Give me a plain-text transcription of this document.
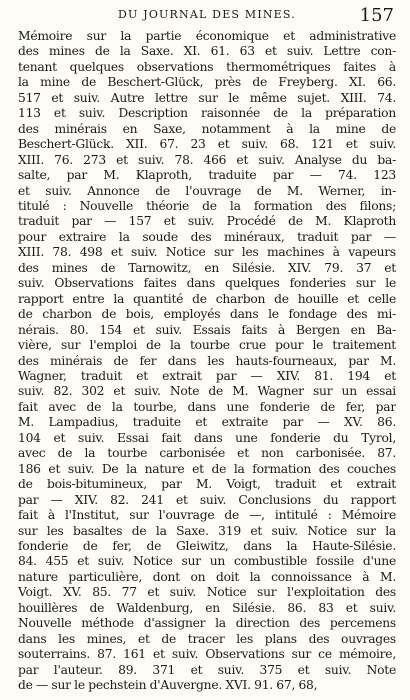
DU JOURNAL DES MINES.	157
Mémoire sur la partie économique et administrative
des mines de la Saxe. XI. 61. 63 et suiv. Lettre con-
tenant quelques observations thermométriques faites à
la mine de Beschert-Glück, près de Freyberg. XI. 66.
517 et suiv. Autre lettre sur le même sujet. XIII. 74.
113 et suiv. Description raisonnée de la préparation
des minérais en Saxe, notamment à la mine de
Beschert-Glück. XII. 67. 23 et suiv. 68. 121 et suiv.
XIII. 76. 273 et suiv. 78. 466 et suiv. Analyse du ba-
salte, par M. Klaproth, traduite par — 74. 123
et suiv. Annonce de l'ouvrage de M. Werner, in-
titulé : Nouvelle théorie de la formation des filons;
traduit par — 157 et suiv. Procédé de M. Klaproth
pour extraire la soude des minéraux, traduit par —
XIII. 78. 498 et suiv. Notice sur les machines à vapeurs
des mines de Tarnowitz, en Silésie. XIV. 79. 37 et
suiv. Observations faites dans quelques fonderies sur le
rapport entre la quantité de charbon de houille et celle
de charbon de bois, employés dans le fondage des mi-
nérais. 80. 154 et suiv. Essais faits à Bergen en Ba-
vière, sur l'emploi de la tourbe crue pour le traitement
des minérais de fer dans les hauts-fourneaux, par M.
Wagner, traduit et extrait par — XIV. 81. 194 et
suiv. 82. 302 et suiv. Note de M. Wagner sur un essai
fait avec de la tourbe, dans une fonderie de fer, par
M. Lampadius, traduite et extraite par — XV. 86.
104 et suiv. Essai fait dans une fonderie du Tyrol,
avec de la tourbe carbonisée et non carbonisée. 87.
186 et suiv. De la nature et de la formation des couches
de bois-bitumineux, par M. Voigt, traduit et extrait
par — XIV. 82. 241 et suiv. Conclusions du rapport
fait à l'Institut, sur l'ouvrage de —, intitulé : Mémoire
sur les basaltes de la Saxe. 319 et suiv. Notice sur la
fonderie de fer, de Gleiwitz, dans la Haute-Silésie.
84. 455 et suiv. Notice sur un combustible fossile d'une
nature particulière, dont on doit la connoissance à M.
Voigt. XV. 85. 77 et suiv. Notice sur l'exploitation des
houillères de Waldenburg, en Silésie. 86. 83 et suiv.
Nouvelle méthode d'assigner la direction des percemens
dans les mines, et de tracer les plans des ouvrages
souterrains. 87. 161 et suiv. Observations sur ce mémoire,
par l'auteur. 89. 371 et suiv. 375 et suiv. Note
de — sur le pechstein d'Auvergne. XVI. 91. 67, 68,
